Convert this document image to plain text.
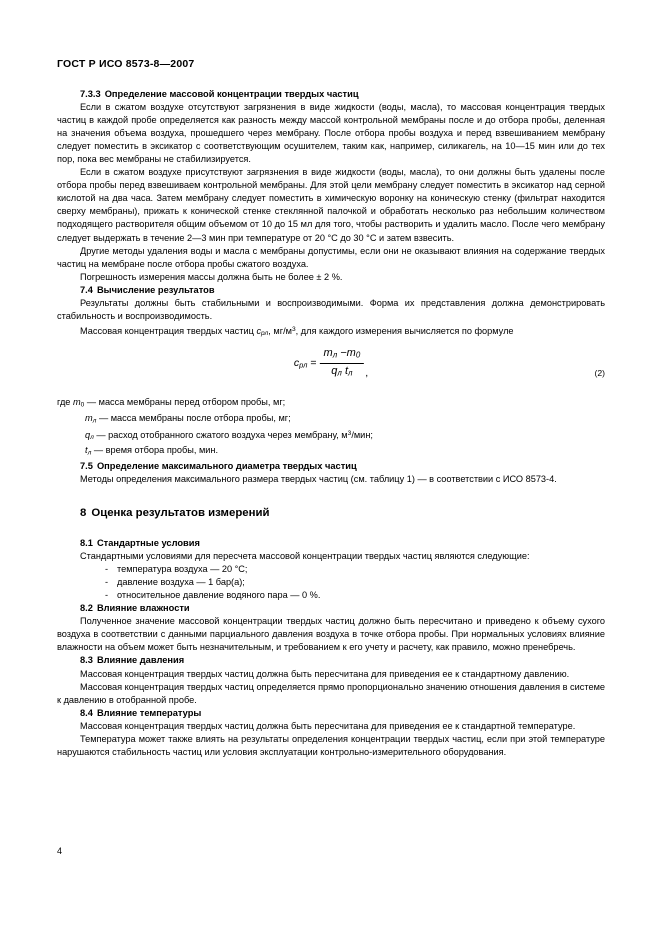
ГОСТ Р ИСО 8573-8—2007
7.3.3 Определение массовой концентрации твердых частиц

Если в сжатом воздухе отсутствуют загрязнения в виде жидкости (воды, масла), то массовая концентрация твердых частиц в каждой пробе определяется как разность между массой контрольной мембраны после и до отбора пробы, деленная на значения объема воздуха, прошедшего через мембрану. После отбора пробы воздуха и перед взвешиванием мембрану следует поместить в эксикатор с соответствующим осушителем, таким как, например, силикагель, на 10—15 мин или до тех пор, пока вес мембраны не стабилизируется.

Если в сжатом воздухе присутствуют загрязнения в виде жидкости (воды, масла), то они должны быть удалены после отбора пробы перед взвешиваем контрольной мембраны. Для этой цели мембрану следует поместить в эксикатор над серной кислотой на два часа. Затем мембрану следует поместить в химическую воронку на коническую стенку (фильтрат находится сверху мембраны), прижать к конической стенке стеклянной палочкой и обработать несколько раз небольшим количеством подходящего растворителя общим объемом от 10 до 15 мл для того, чтобы растворить и удалить масло. После чего мембрану следует выдержать в течение 2—3 мин при температуре от 20 °C до 30 °C и затем взвесить.

Другие методы удаления воды и масла с мембраны допустимы, если они не оказывают влияния на содержание твердых частиц на мембране после отбора пробы сжатого воздуха.

Погрешность измерения массы должна быть не более ± 2 %.

7.4 Вычисление результатов

Результаты должны быть стабильными и воспроизводимыми. Форма их представления должна демонстрировать стабильность и воспроизводимость.

Массовая концентрация твердых частиц $c_{рл}$, $мг/м^3$, для каждого измерения вычисляется по формуле

$c_{рл} = \frac{m_л -m_0}{q_л t_л}$ ,	(2)
где $m_0$ — масса мембраны перед отбором пробы, мг;
$m_л$ — масса мембраны после отбора пробы, мг;
$q_л$ — расход отобранного сжатого воздуха через мембрану, $м^3$/мин;
$t_л$ — время отбора пробы, мин.
7.5 Определение максимального диаметра твердых частиц

Методы определения максимального размера твердых частиц (см. таблицу 1) — в соответствии с ИСО 8573-4.

8 Оценка результатов измерений
8.1 Стандартные условия

Стандартными условиями для пересчета массовой концентрации твердых частиц являются следующие:

- температура воздуха — 20 °C;
- давление воздуха — 1 бар(а);
- относительное давление водяного пара — 0 %.
8.2 Влияние влажности

Полученное значение массовой концентрации твердых частиц должно быть пересчитано и приведено к объему сухого воздуха в соответствии с данными парциального давления воздуха в точке отбора пробы. При нормальных условиях влияние влажности на объем может быть незначительным, и требованием к его учету и расчету, как правило, можно пренебречь.

8.3 Влияние давления

Массовая концентрация твердых частиц должна быть пересчитана для приведения ее к стандартному давлению.

Массовая концентрация твердых частиц определяется прямо пропорционально значению отношения давления в системе к давлению в отобранной пробе.

8.4 Влияние температуры

Массовая концентрация твердых частиц должна быть пересчитана для приведения ее к стандартной температуре.

Температура может также влиять на результаты определения концентрации твердых частиц, если при этой температуре нарушаются стабильность частиц или условия эксплуатации контрольно-измерительного оборудования.

4
